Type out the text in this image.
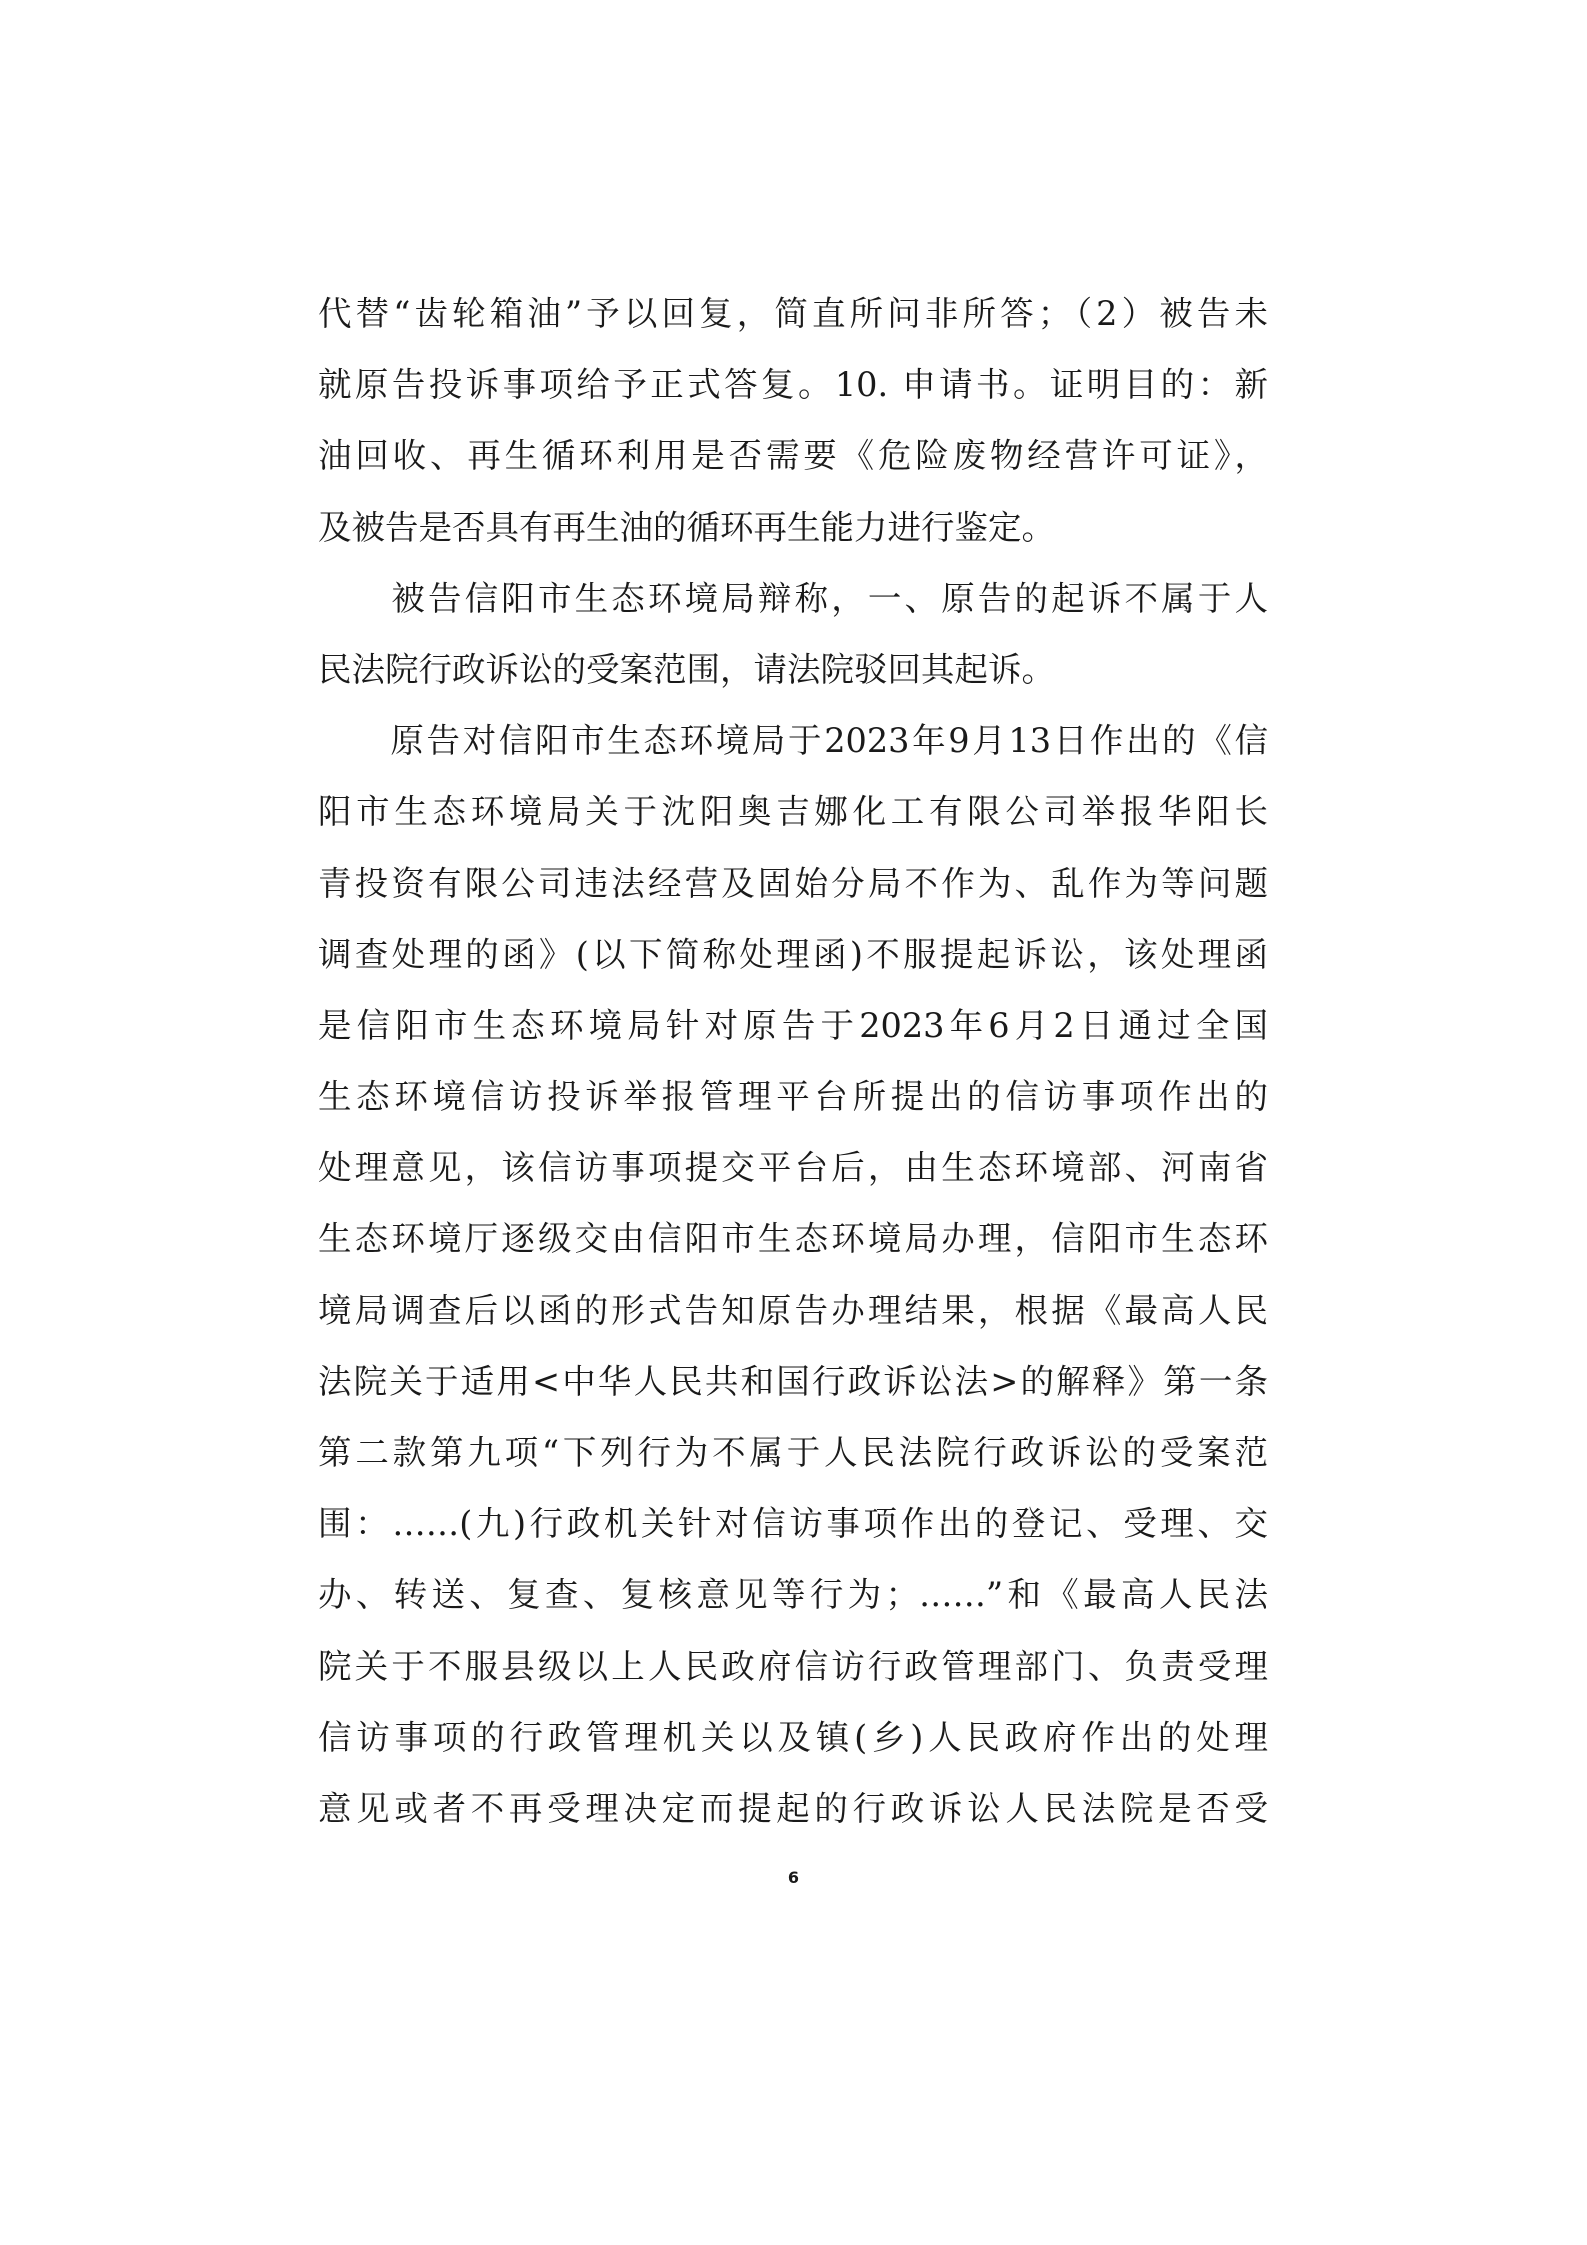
代替“齿轮箱油”予以回复，简直所问非所答；（2）被告未
就原告投诉事项给予正式答复。10. 申请书。证明目的：新
油回收、再生循环利用是否需要《危险废物经营许可证》，
及被告是否具有再生油的循环再生能力进行鉴定。
　　被告信阳市生态环境局辩称，一、原告的起诉不属于人
民法院行政诉讼的受案范围，请法院驳回其起诉。
　　原告对信阳市生态环境局于2023年9月13日作出的《信
阳市生态环境局关于沈阳奥吉娜化工有限公司举报华阳长
青投资有限公司违法经营及固始分局不作为、乱作为等问题
调查处理的函》(以下简称处理函)不服提起诉讼，该处理函
是信阳市生态环境局针对原告于2023年6月2日通过全国
生态环境信访投诉举报管理平台所提出的信访事项作出的
处理意见，该信访事项提交平台后，由生态环境部、河南省
生态环境厅逐级交由信阳市生态环境局办理，信阳市生态环
境局调查后以函的形式告知原告办理结果，根据《最高人民
法院关于适用<中华人民共和国行政诉讼法>的解释》第一条
第二款第九项“下列行为不属于人民法院行政诉讼的受案范
围：……(九)行政机关针对信访事项作出的登记、受理、交
办、转送、复查、复核意见等行为；……”和《最高人民法
院关于不服县级以上人民政府信访行政管理部门、负责受理
信访事项的行政管理机关以及镇(乡)人民政府作出的处理
意见或者不再受理决定而提起的行政诉讼人民法院是否受
6
